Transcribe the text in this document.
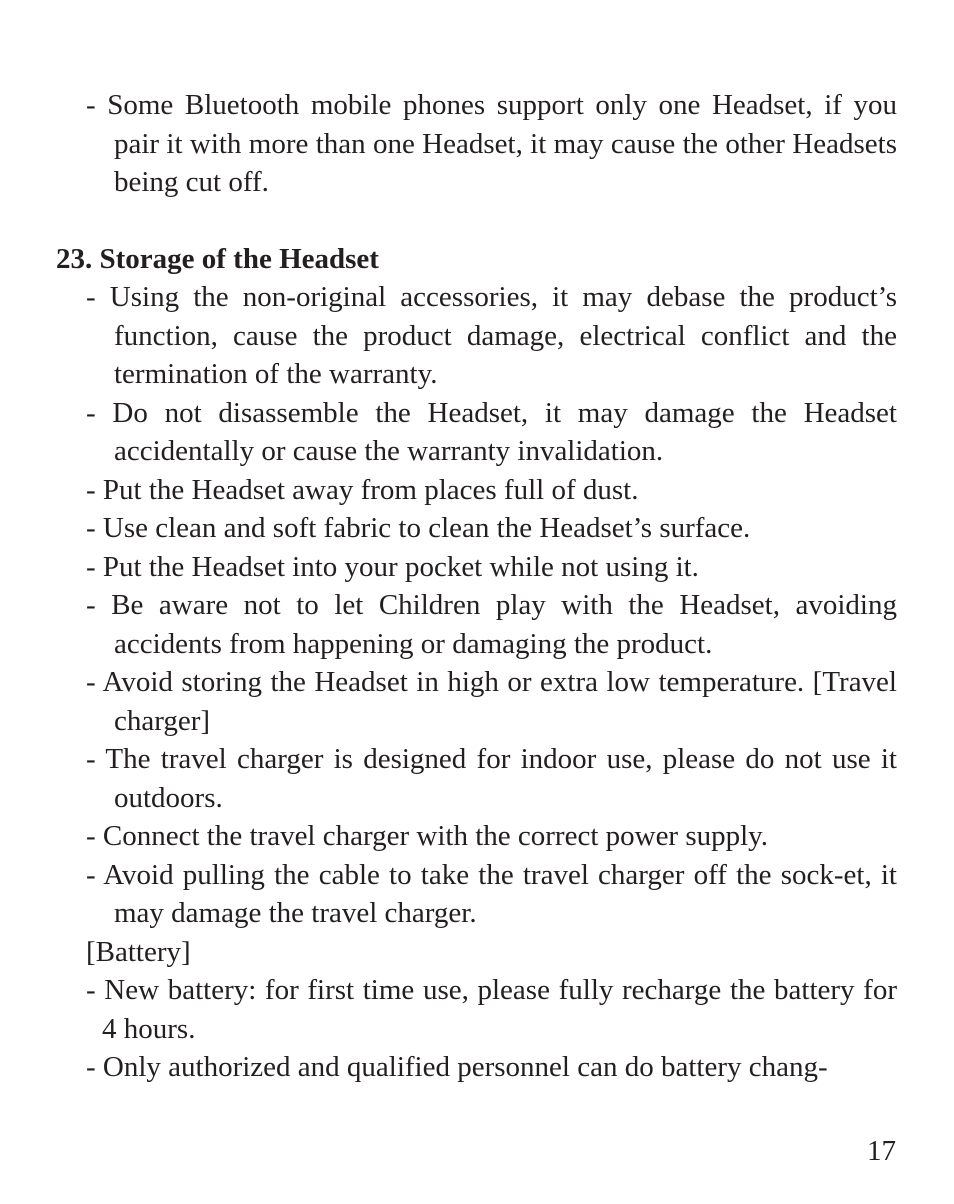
- Some Bluetooth mobile phones support only one Headset, if you pair it with more than one Headset, it may cause the other Headsets being cut off.

23. Storage of the Headset

- Using the non-original accessories, it may debase the product’s function, cause the product damage, electrical conflict and the termination of the warranty.

- Do not disassemble the Headset, it may damage the Headset accidentally or cause the warranty invalidation.

- Put the Headset away from places full of dust.

- Use clean and soft fabric to clean the Headset’s surface.

- Put the Headset into your pocket while not using it.

- Be aware not to let Children play with the Headset, avoiding accidents from happening or damaging the product.

- Avoid storing the Headset in high or extra low temperature. [Travel charger]

- The travel charger is designed for indoor use, please do not use it outdoors.

- Connect the travel charger with the correct power supply.

- Avoid pulling the cable to take the travel charger off the sock-et, it may damage the travel charger.

[Battery]

- New battery: for first time use, please fully recharge the battery for 4 hours.

- Only authorized and qualified personnel can do battery chang-

17
